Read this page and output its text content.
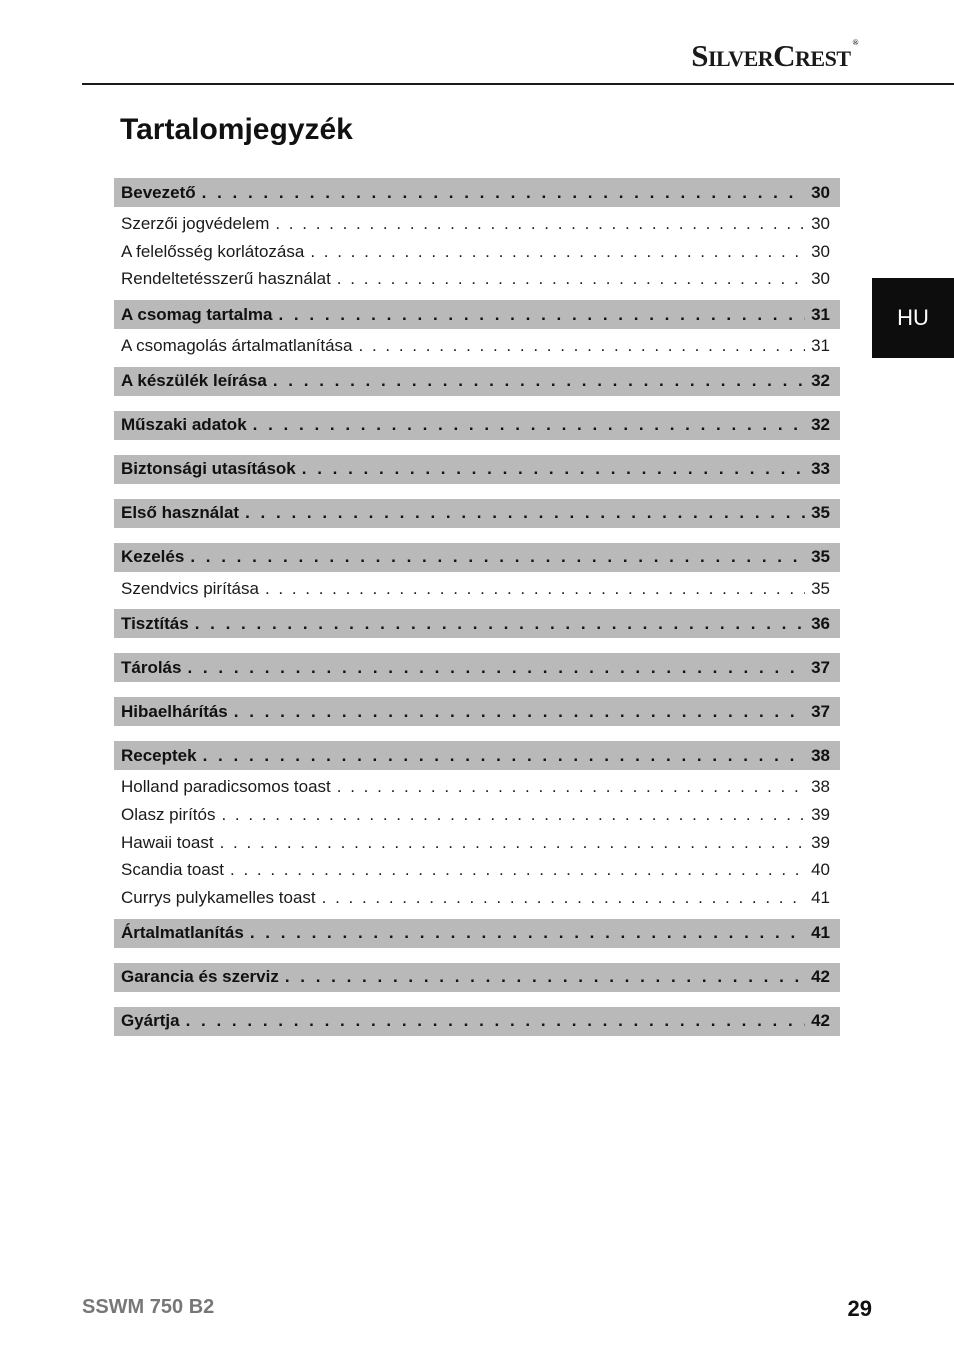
SilverCrest ®
Tartalomjegyzék
HU
Bevezető . . .	30
Szerzői jogvédelem . . .	30
A felelősség korlátozása . . .	30
Rendeltetésszerű használat . . .	30
A csomag tartalma . . .	31
A csomagolás ártalmatlanítása . . .	31
A készülék leírása . . .	32
Műszaki adatok . . .	32
Biztonsági utasítások . . .	33
Első használat . . .	35
Kezelés . . .	35
Szendvics pirítása . . .	35
Tisztítás . . .	36
Tárolás . . .	37
Hibaelhárítás . . .	37
Receptek . . .	38
Holland paradicsomos toast . . .	38
Olasz pirítós . . .	39
Hawaii toast . . .	39
Scandia toast . . .	40
Currys pulykamelles toast . . .	41
Ártalmatlanítás . . .	41
Garancia és szerviz . . .	42
Gyártja . . .	42
SSWM 750 B2	29
